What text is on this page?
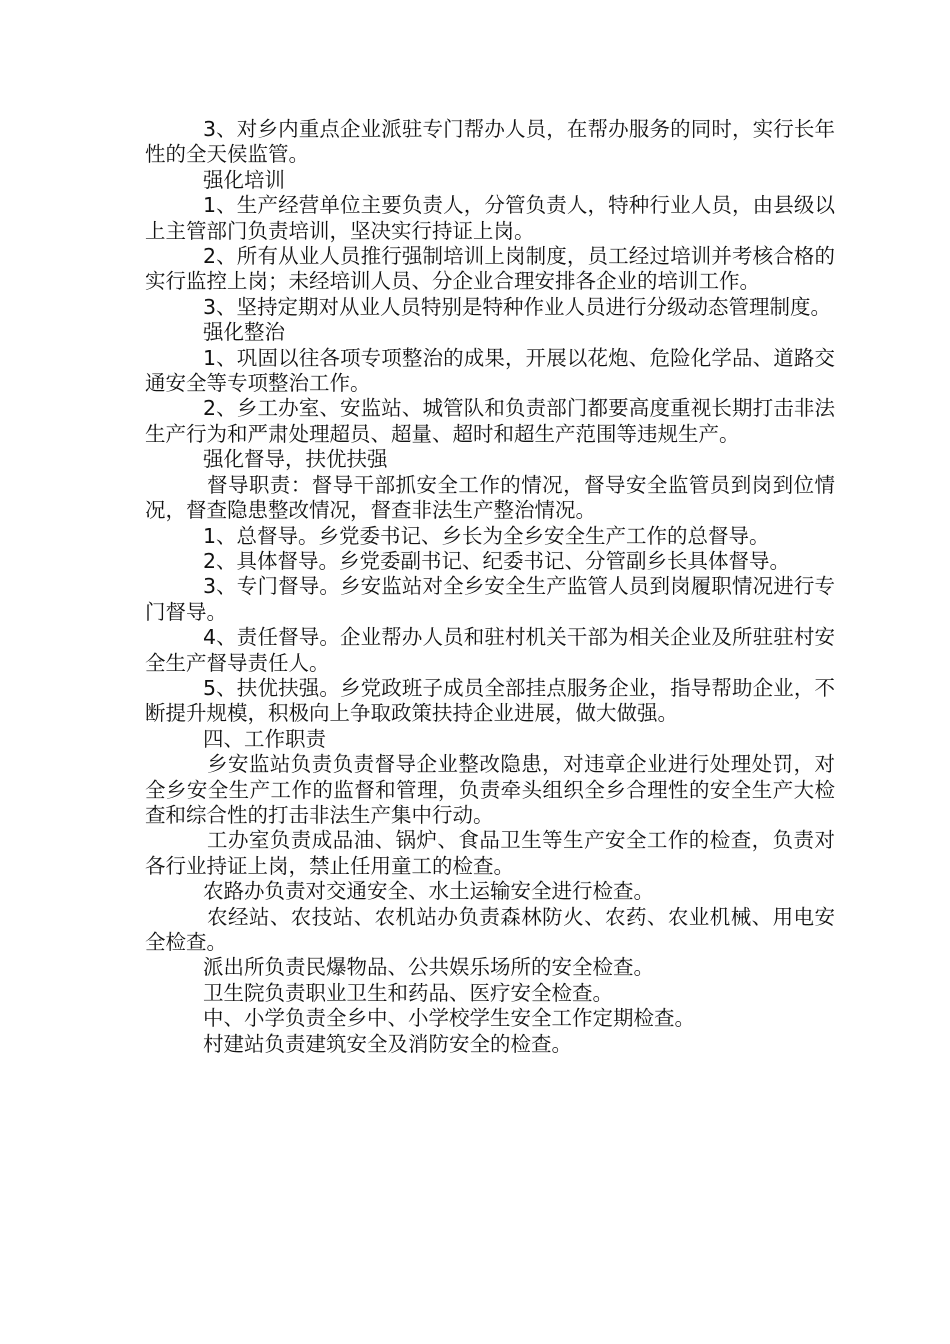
3、对乡内重点企业派驻专门帮办人员，在帮办服务的同时，实行长年性的全天侯监管。

强化培训

1、生产经营单位主要负责人，分管负责人，特种行业人员，由县级以上主管部门负责培训，坚决实行持证上岗。

2、所有从业人员推行强制培训上岗制度，员工经过培训并考核合格的实行监控上岗；未经培训人员、分企业合理安排各企业的培训工作。

3、坚持定期对从业人员特别是特种作业人员进行分级动态管理制度。

强化整治

1、巩固以往各项专项整治的成果，开展以花炮、危险化学品、道路交通安全等专项整治工作。

2、乡工办室、安监站、城管队和负责部门都要高度重视长期打击非法生产行为和严肃处理超员、超量、超时和超生产范围等违规生产。

强化督导，扶优扶强

督导职责：督导干部抓安全工作的情况，督导安全监管员到岗到位情况，督查隐患整改情况，督查非法生产整治情况。

1、总督导。乡党委书记、乡长为全乡安全生产工作的总督导。

2、具体督导。乡党委副书记、纪委书记、分管副乡长具体督导。

3、专门督导。乡安监站对全乡安全生产监管人员到岗履职情况进行专门督导。

4、责任督导。企业帮办人员和驻村机关干部为相关企业及所驻驻村安全生产督导责任人。

5、扶优扶强。乡党政班子成员全部挂点服务企业，指导帮助企业，不断提升规模，积极向上争取政策扶持企业进展，做大做强。

四、工作职责

乡安监站负责负责督导企业整改隐患，对违章企业进行处理处罚，对全乡安全生产工作的监督和管理，负责牵头组织全乡合理性的安全生产大检查和综合性的打击非法生产集中行动。

工办室负责成品油、锅炉、食品卫生等生产安全工作的检查，负责对各行业持证上岗，禁止任用童工的检查。

农路办负责对交通安全、水土运输安全进行检查。

农经站、农技站、农机站办负责森林防火、农药、农业机械、用电安全检查。

派出所负责民爆物品、公共娱乐场所的安全检查。

卫生院负责职业卫生和药品、医疗安全检查。

中、小学负责全乡中、小学校学生安全工作定期检查。

村建站负责建筑安全及消防安全的检查。
